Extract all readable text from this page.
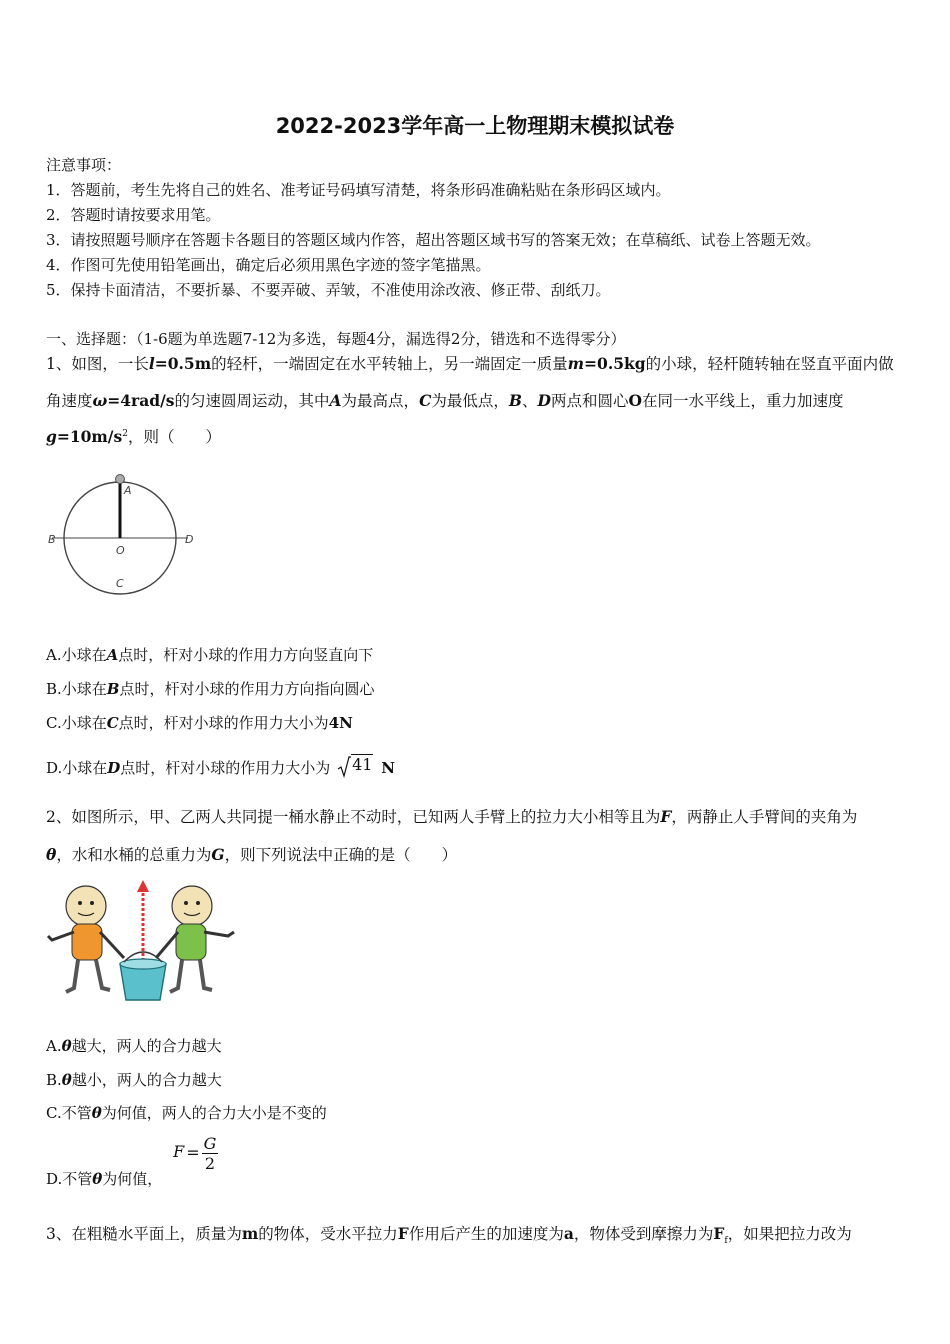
2022-2023学年高一上物理期末模拟试卷
注意事项：
1．答题前，考生先将自己的姓名、准考证号码填写清楚，将条形码准确粘贴在条形码区域内。
2．答题时请按要求用笔。
3．请按照题号顺序在答题卡各题目的答题区域内作答，超出答题区域书写的答案无效；在草稿纸、试卷上答题无效。
4．作图可先使用铅笔画出，确定后必须用黑色字迹的签字笔描黑。
5．保持卡面清洁，不要折暴、不要弄破、弄皱，不准使用涂改液、修正带、刮纸刀。
一、选择题：（1-6题为单选题7-12为多选，每题4分，漏选得2分，错选和不选得零分）
1、如图，一长l=0.5m的轻杆，一端固定在水平转轴上，另一端固定一质量m=0.5kg的小球，轻杆随转轴在竖直平面内做
角速度ω=4rad/s的匀速圆周运动，其中A为最高点，C为最低点，B、D两点和圆心O在同一水平线上，重力加速度
$g=10m/s^2$，则（　　）
A
B	D
O
C
A.小球在A点时，杆对小球的作用力方向竖直向下
B.小球在B点时，杆对小球的作用力方向指向圆心
C.小球在C点时，杆对小球的作用力大小为4N
D.小球在D点时，杆对小球的作用力大小为 41 N
2、如图所示，甲、乙两人共同提一桶水静止不动时，已知两人手臂上的拉力大小相等且为F，两静止人手臂间的夹角为
θ，水和水桶的总重力为G，则下列说法中正确的是（　　）
A.θ越大，两人的合力越大
B.θ越小，两人的合力越大
C.不管θ为何值，两人的合力大小是不变的
D.不管θ为何值， $F = \frac{G}{2}$
3、在粗糙水平面上，质量为m的物体，受水平拉力F作用后产生的加速度为a，物体受到摩擦力为$F_f$，如果把拉力改为
